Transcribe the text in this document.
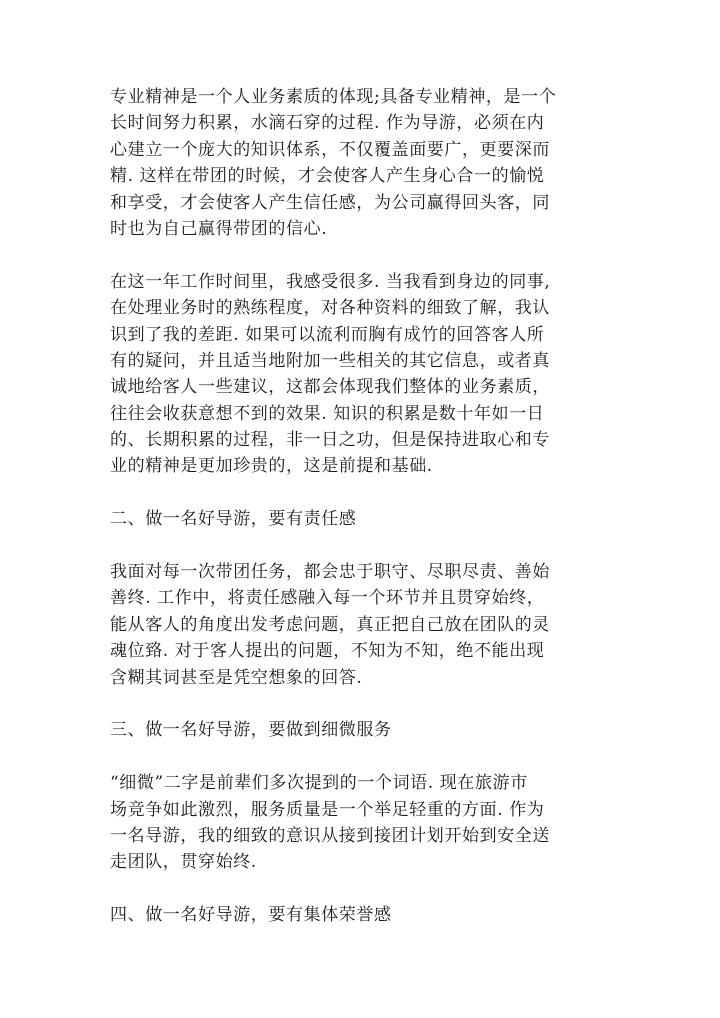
专业精神是一个人业务素质的体现;具备专业精神，是一个
长时间努力积累，水滴石穿的过程. 作为导游，必须在内
心建立一个庞大的知识体系，不仅覆盖面要广，更要深而
精. 这样在带团的时候，才会使客人产生身心合一的愉悦
和享受，才会使客人产生信任感，为公司赢得回头客，同
时也为自己赢得带团的信心.
在这一年工作时间里，我感受很多. 当我看到身边的同事,
在处理业务时的熟练程度，对各种资料的细致了解，我认
识到了我的差距. 如果可以流利而胸有成竹的回答客人所
有的疑问，并且适当地附加一些相关的其它信息，或者真
诚地给客人一些建议，这都会体现我们整体的业务素质，
往往会收获意想不到的效果. 知识的积累是数十年如一日
的、长期积累的过程，非一日之功，但是保持进取心和专
业的精神是更加珍贵的，这是前提和基础.
二、做一名好导游，要有责任感
我面对每一次带团任务，都会忠于职守、尽职尽责、善始
善终. 工作中，将责任感融入每一个环节并且贯穿始终，
能从客人的角度出发考虑问题，真正把自己放在团队的灵
魂位臵. 对于客人提出的问题，不知为不知，绝不能出现
含糊其词甚至是凭空想象的回答.
三、做一名好导游，要做到细微服务
“细微”二字是前辈们多次提到的一个词语. 现在旅游市
场竞争如此激烈，服务质量是一个举足轻重的方面. 作为
一名导游，我的细致的意识从接到接团计划开始到安全送
走团队，贯穿始终.
四、做一名好导游，要有集体荣誉感
